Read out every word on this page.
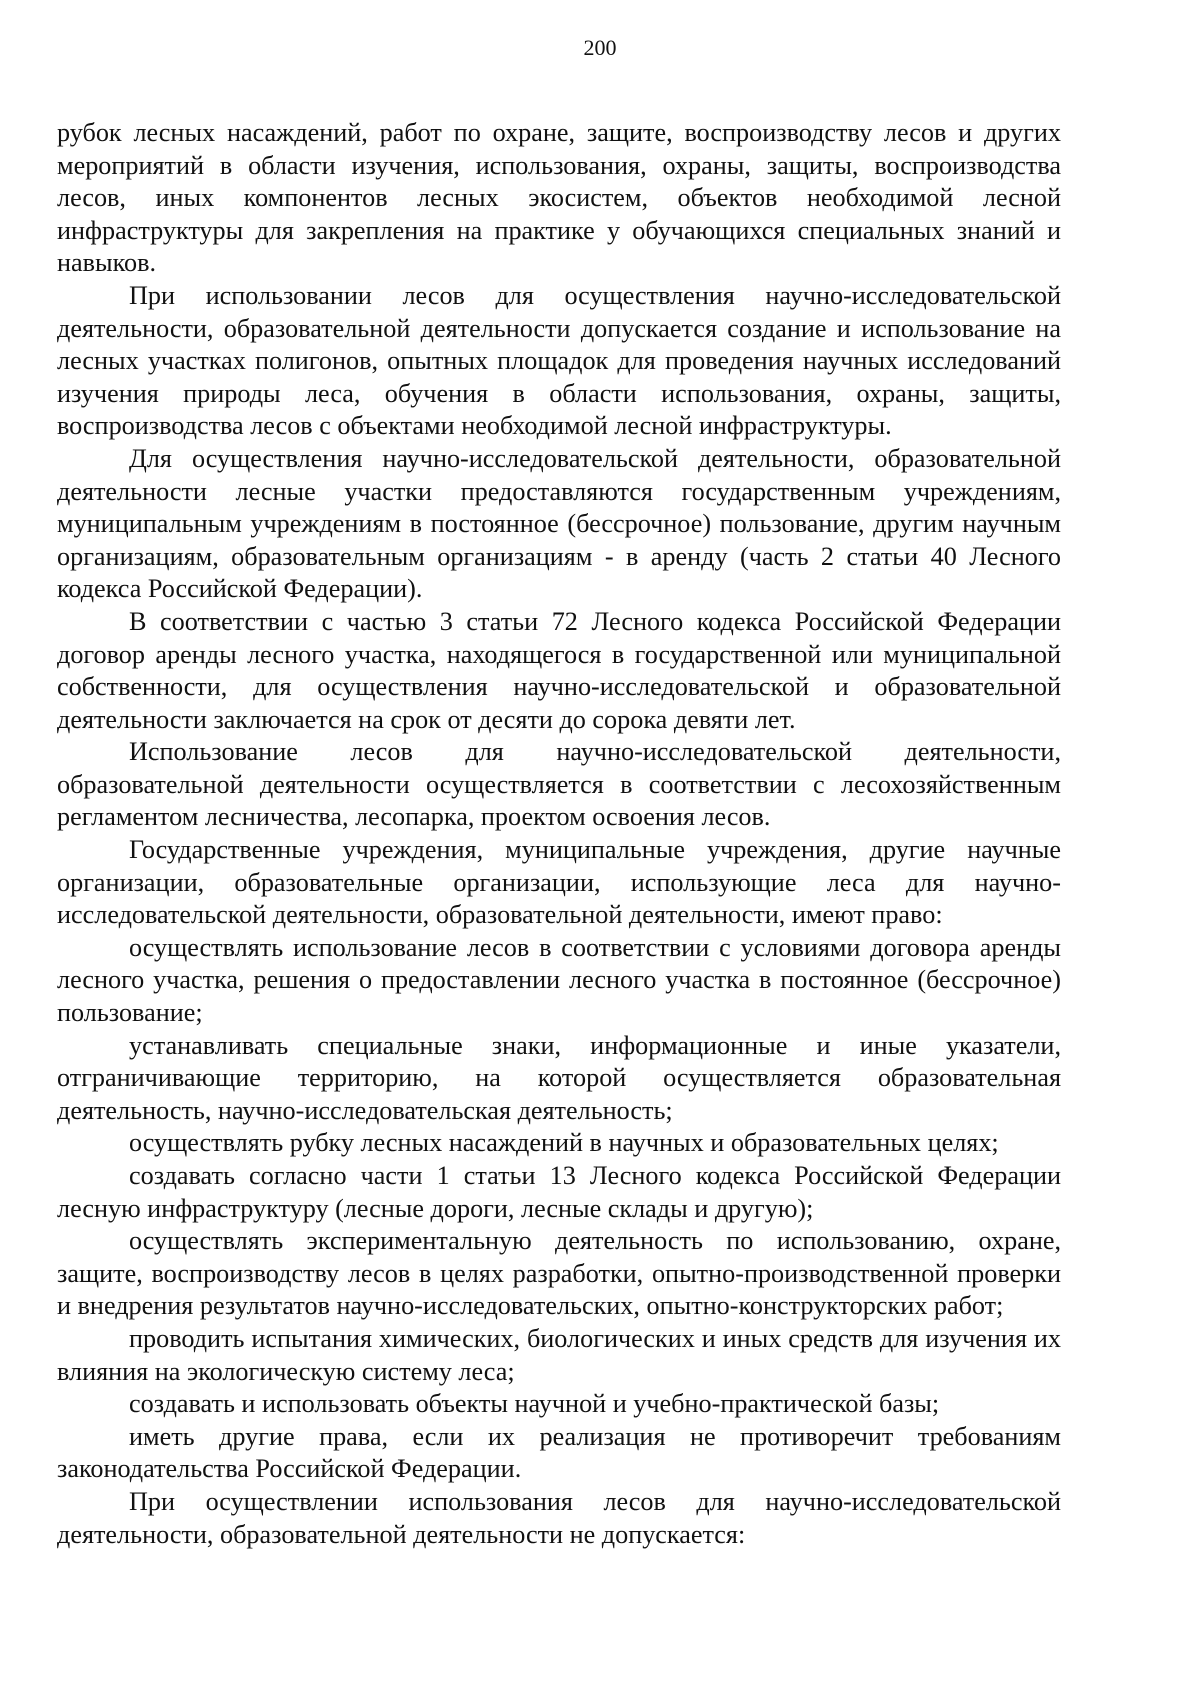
200

рубок лесных насаждений, работ по охране, защите, воспроизводству лесов и других мероприятий в области изучения, использования, охраны, защиты, воспроизводства лесов, иных компонентов лесных экосистем, объектов необходимой лесной инфраструктуры для закрепления на практике у обучающихся специальных знаний и навыков.

При использовании лесов для осуществления научно-исследовательской деятельности, образовательной деятельности допускается создание и использование на лесных участках полигонов, опытных площадок для проведения научных исследований изучения природы леса, обучения в области использования, охраны, защиты, воспроизводства лесов с объектами необходимой лесной инфраструктуры.

Для осуществления научно-исследовательской деятельности, образовательной деятельности лесные участки предоставляются государственным учреждениям, муниципальным учреждениям в постоянное (бессрочное) пользование, другим научным организациям, образовательным организациям - в аренду (часть 2 статьи 40 Лесного кодекса Российской Федерации).

В соответствии с частью 3 статьи 72 Лесного кодекса Российской Федерации договор аренды лесного участка, находящегося в государственной или муниципальной собственности, для осуществления научно-исследовательской и образовательной деятельности заключается на срок от десяти до сорока девяти лет.

Использование лесов для научно-исследовательской деятельности, образовательной деятельности осуществляется в соответствии с лесохозяйственным регламентом лесничества, лесопарка, проектом освоения лесов.

Государственные учреждения, муниципальные учреждения, другие научные организации, образовательные организации, использующие леса для научно-исследовательской деятельности, образовательной деятельности, имеют право:

осуществлять использование лесов в соответствии с условиями договора аренды лесного участка, решения о предоставлении лесного участка в постоянное (бессрочное) пользование;

устанавливать специальные знаки, информационные и иные указатели, отграничивающие территорию, на которой осуществляется образовательная деятельность, научно-исследовательская деятельность;

осуществлять рубку лесных насаждений в научных и образовательных целях;

создавать согласно части 1 статьи 13 Лесного кодекса Российской Федерации лесную инфраструктуру (лесные дороги, лесные склады и другую);

осуществлять экспериментальную деятельность по использованию, охране, защите, воспроизводству лесов в целях разработки, опытно-производственной проверки и внедрения результатов научно-исследовательских, опытно-конструкторских работ;

проводить испытания химических, биологических и иных средств для изучения их влияния на экологическую систему леса;

создавать и использовать объекты научной и учебно-практической базы;

иметь другие права, если их реализация не противоречит требованиям законодательства Российской Федерации.

При осуществлении использования лесов для научно-исследовательской деятельности, образовательной деятельности не допускается:
